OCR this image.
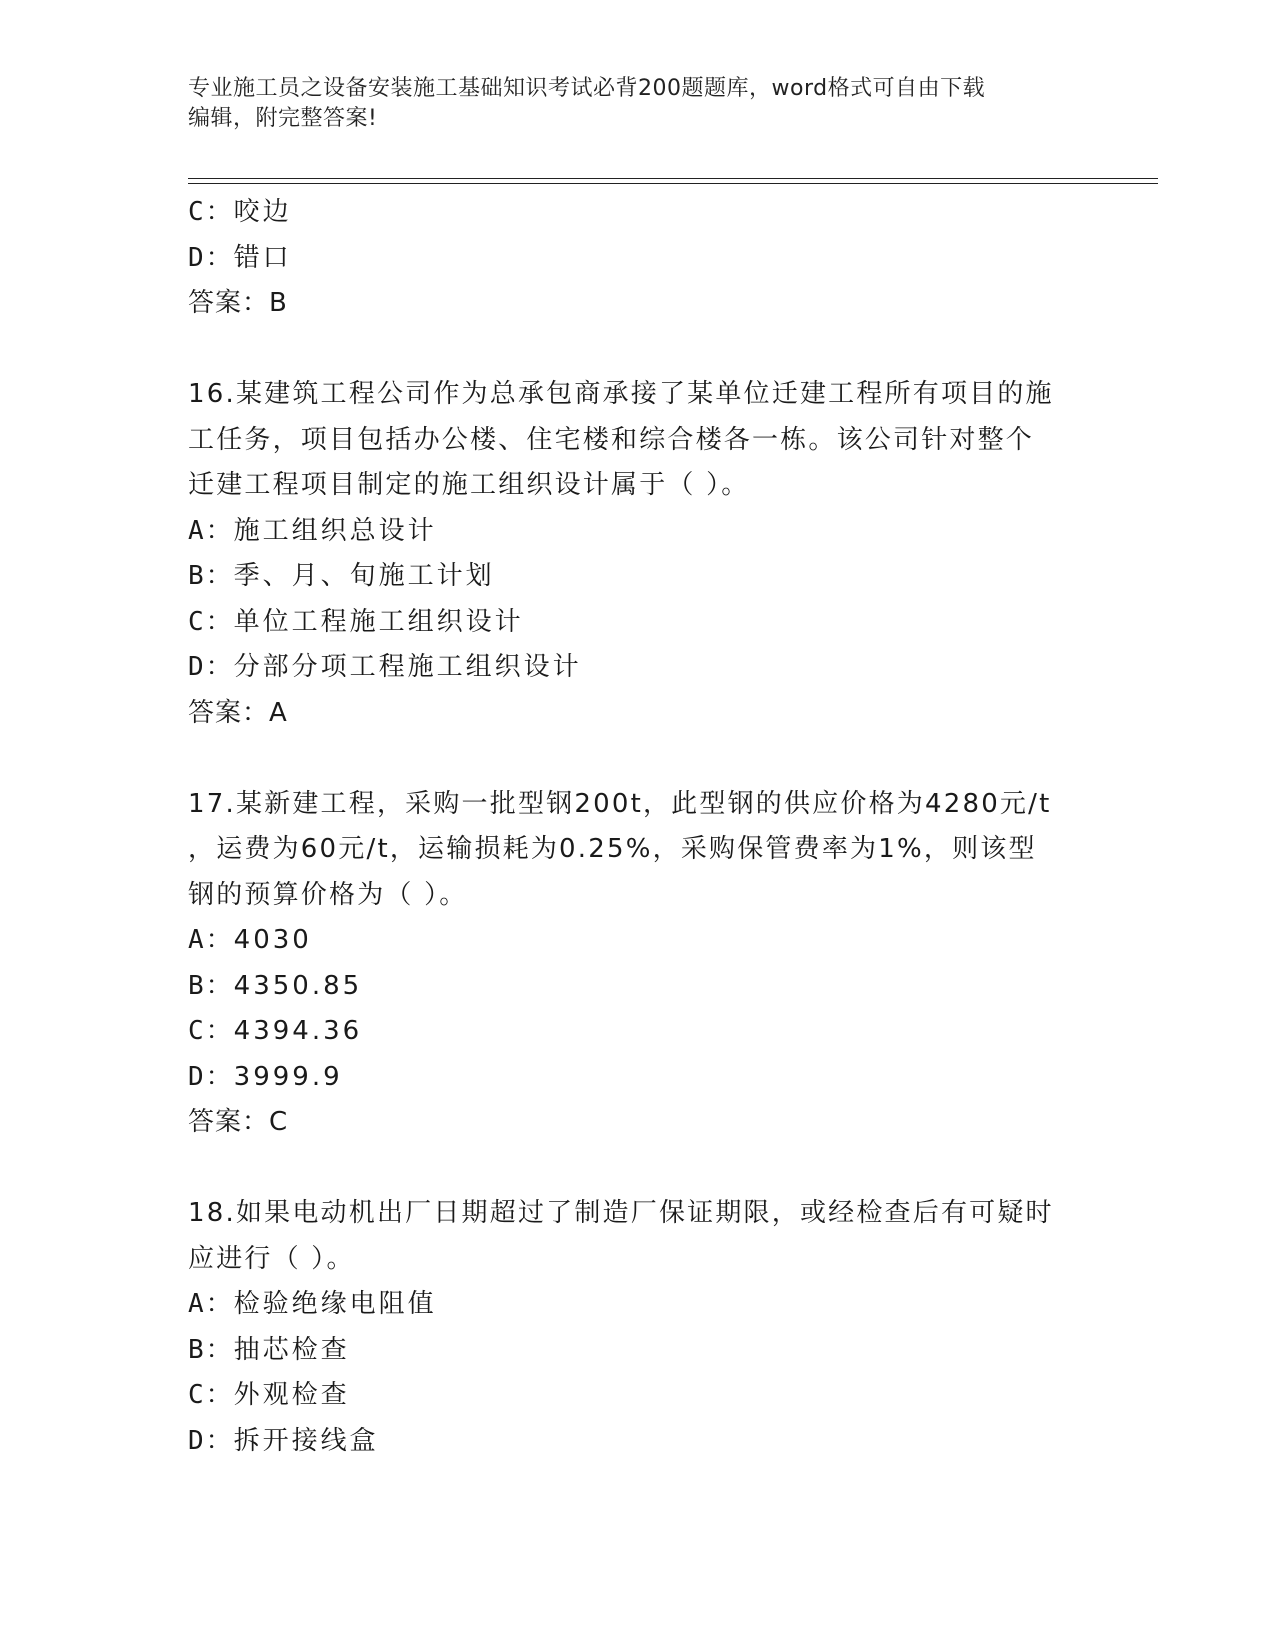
专业施工员之设备安装施工基础知识考试必背200题题库，word格式可自由下载
编辑，附完整答案!
C：咬边
D：错口
答案：B
16.某建筑工程公司作为总承包商承接了某单位迁建工程所有项目的施
工任务，项目包括办公楼、住宅楼和综合楼各一栋。该公司针对整个
迁建工程项目制定的施工组织设计属于（ ）。
A：施工组织总设计
B：季、月、旬施工计划
C：单位工程施工组织设计
D：分部分项工程施工组织设计
答案：A
17.某新建工程，采购一批型钢200t，此型钢的供应价格为4280元/t
，运费为60元/t，运输损耗为0.25%，采购保管费率为1%，则该型
钢的预算价格为（ ）。
A：4030
B：4350.85
C：4394.36
D：3999.9
答案：C
18.如果电动机出厂日期超过了制造厂保证期限，或经检查后有可疑时
应进行（ ）。
A：检验绝缘电阻值
B：抽芯检查
C：外观检查
D：拆开接线盒
